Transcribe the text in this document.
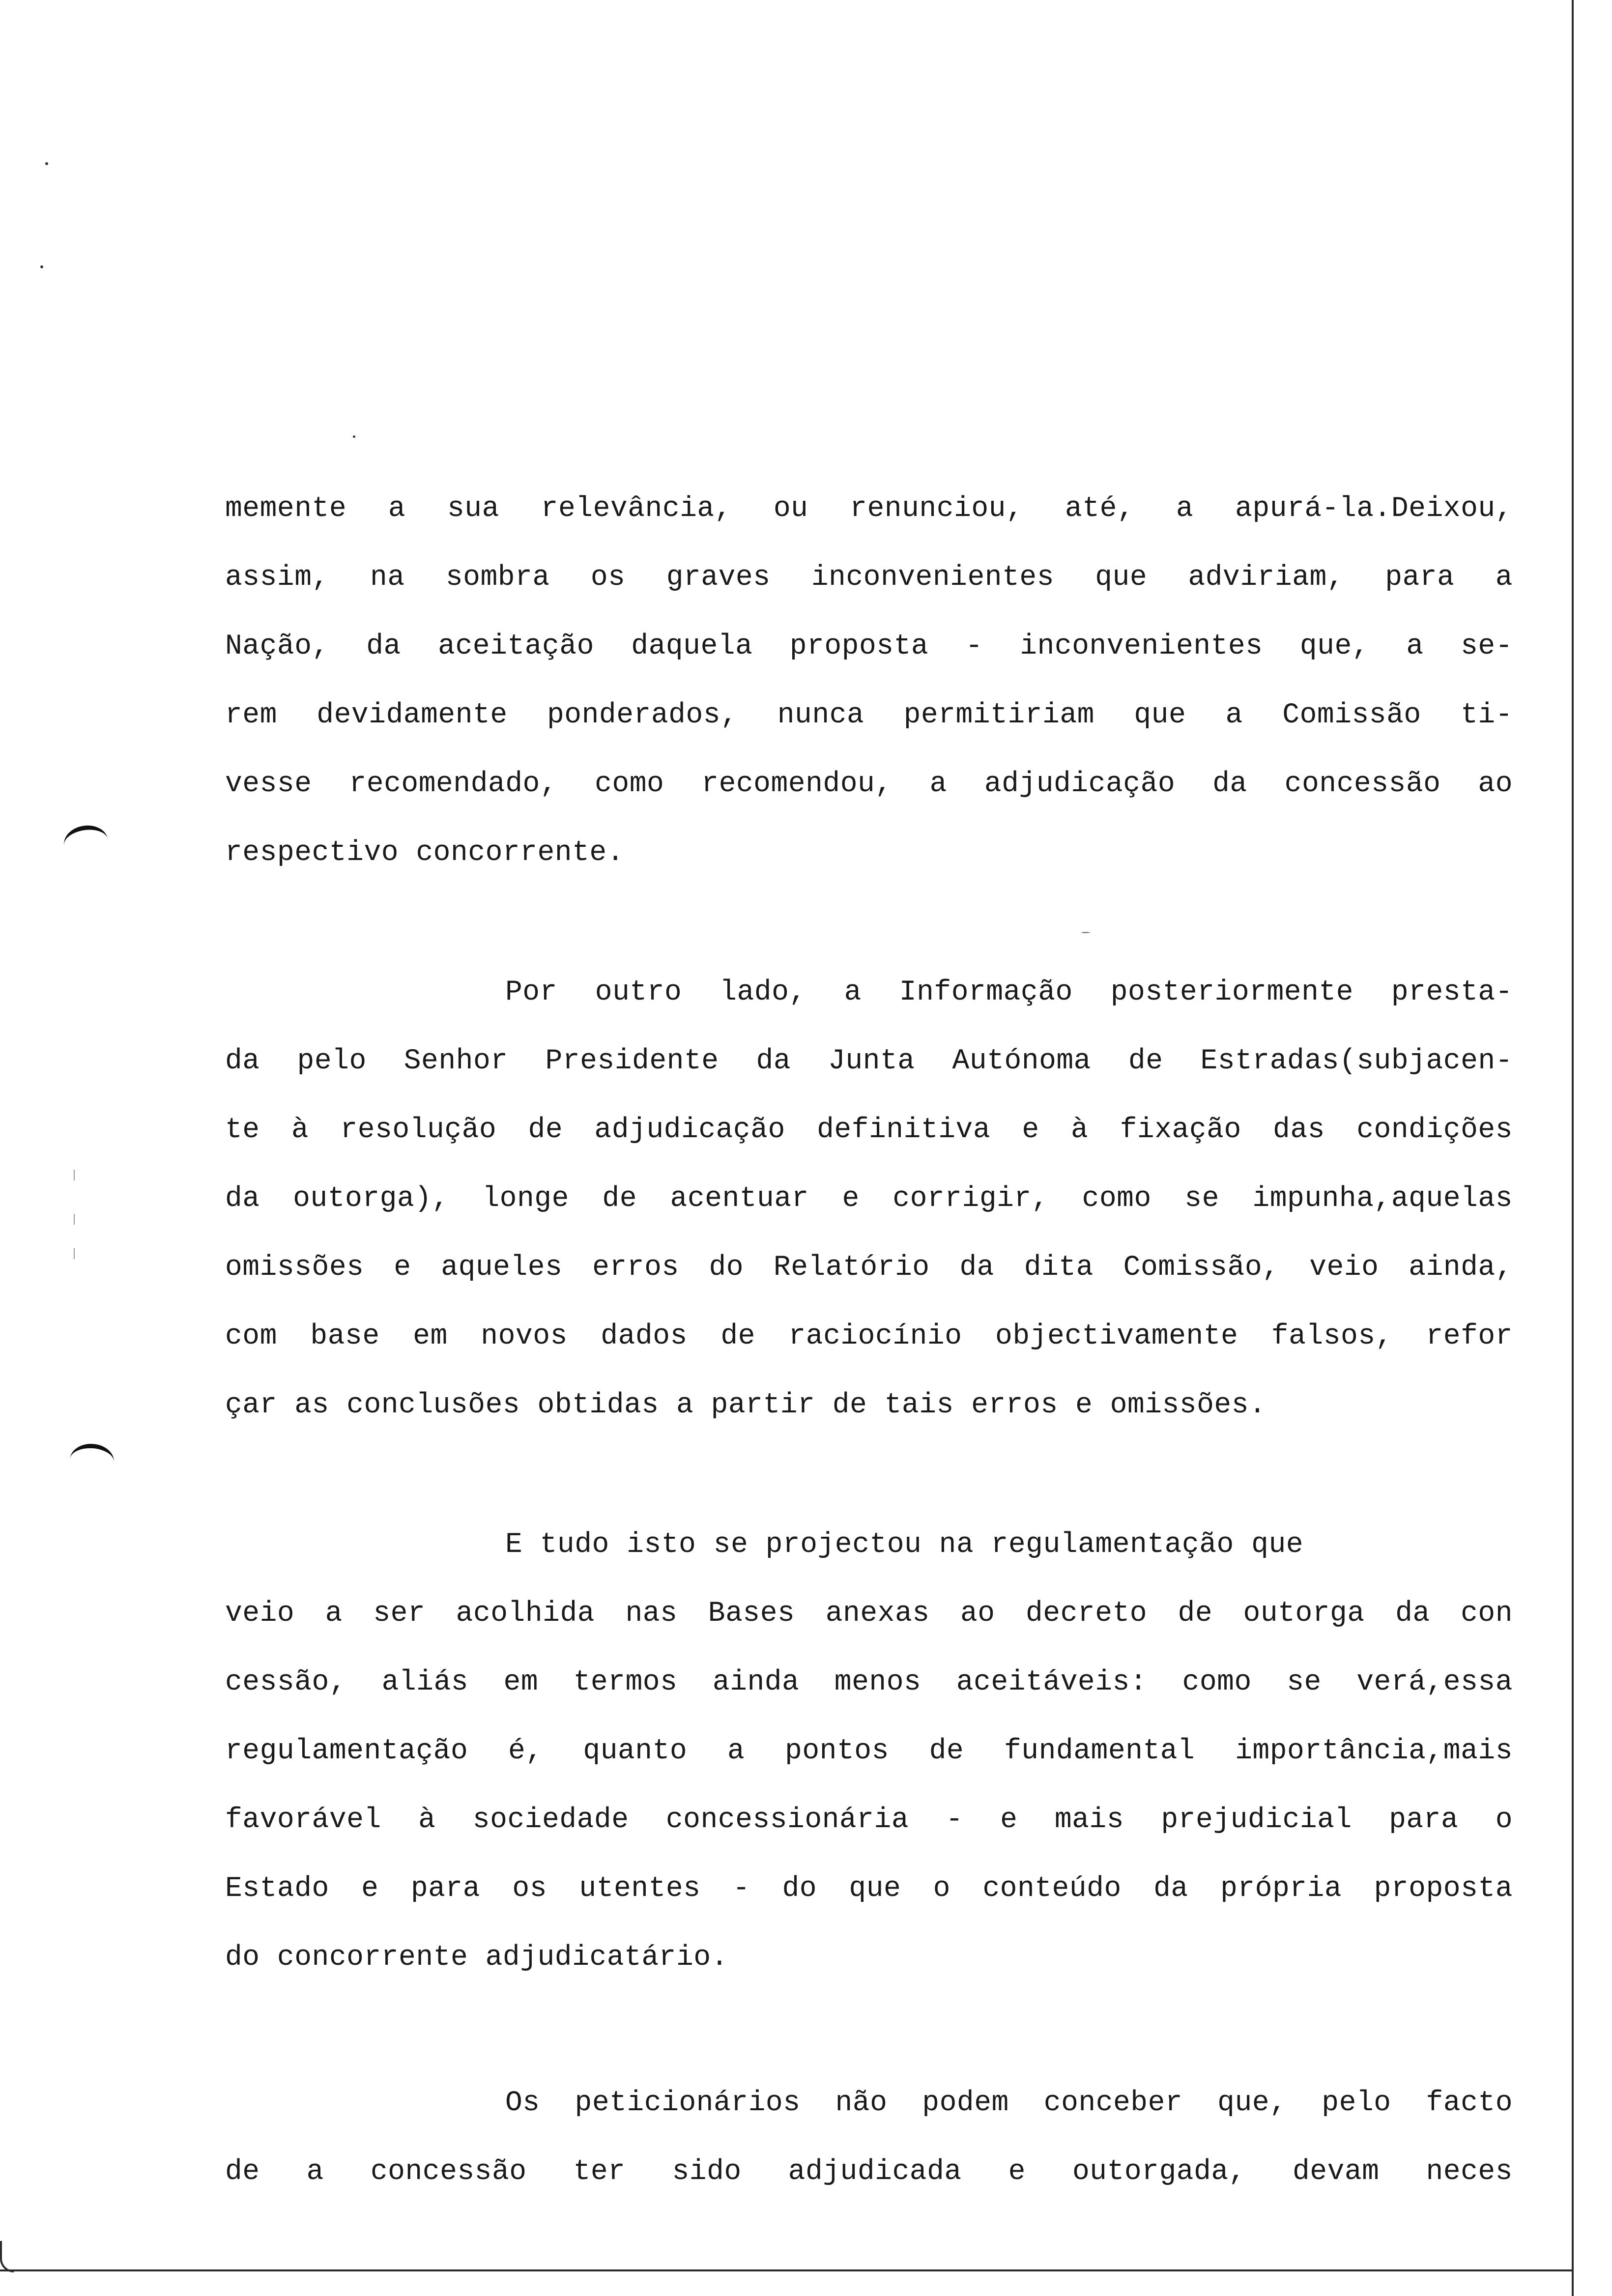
memente a sua relevância, ou renunciou, até, a apurá-la.Deixou,
assim, na sombra os graves inconvenientes que adviriam, para a
Nação, da aceitação daquela proposta - inconvenientes que, a se-
rem devidamente ponderados, nunca permitiriam que a Comissão ti-
vesse recomendado, como recomendou, a adjudicação da concessão ao
respectivo concorrente.
Por outro lado, a Informação posteriormente presta-
da pelo Senhor Presidente da Junta Autónoma de Estradas(subjacen-
te à resolução de adjudicação definitiva e à fixação das condições
da outorga), longe de acentuar e corrigir, como se impunha,aquelas
omissões e aqueles erros do Relatório da dita Comissão, veio ainda,
com base em novos dados de raciocínio objectivamente falsos, refor
çar as conclusões obtidas a partir de tais erros e omissões.
E tudo isto se projectou na regulamentação que
veio a ser acolhida nas Bases anexas ao decreto de outorga da con
cessão, aliás em termos ainda menos aceitáveis: como se verá,essa
regulamentação é, quanto a pontos de fundamental importância,mais
favorável à sociedade concessionária - e mais prejudicial para o
Estado e para os utentes - do que o conteúdo da própria proposta
do concorrente adjudicatário.
Os peticionários não podem conceber que, pelo facto
de a concessão ter sido adjudicada e outorgada, devam neces
